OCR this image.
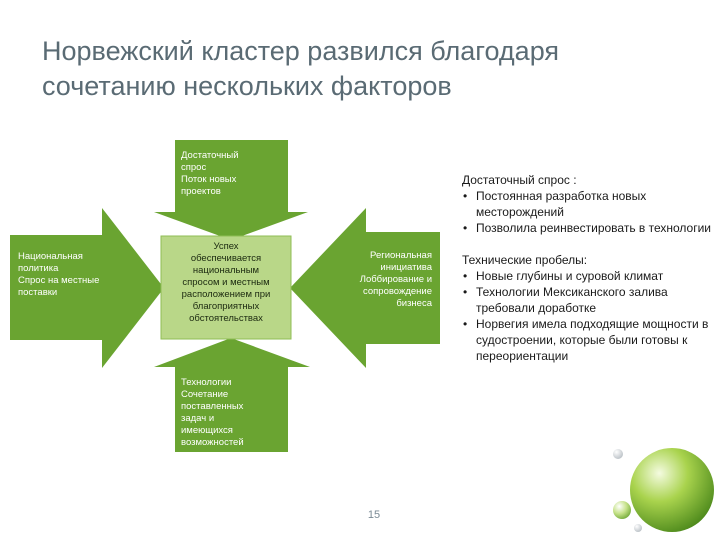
Норвежский кластер развился благодаря
сочетанию нескольких факторов
Достаточный
спрос
Поток новых
проектов
Национальная
политика
Спрос на местные
поставки
Региональная
инициатива
Лоббирование и
сопровождение
бизнеса
Технологии
Сочетание
поставленных
задач и
имеющихся
возможностей
Успех
обеспечивается
национальным
спросом и местным
расположением при
благоприятных
обстоятельствах
Достаточный спрос :
• Постоянная разработка новых месторождений
• Позволила реинвестировать в технологии
Технические пробелы:
• Новые глубины и суровой климат
• Технологии Мексиканского залива требовали доработке
• Норвегия имела подходящие мощности в судостроении, которые были готовы к переориентации
15
